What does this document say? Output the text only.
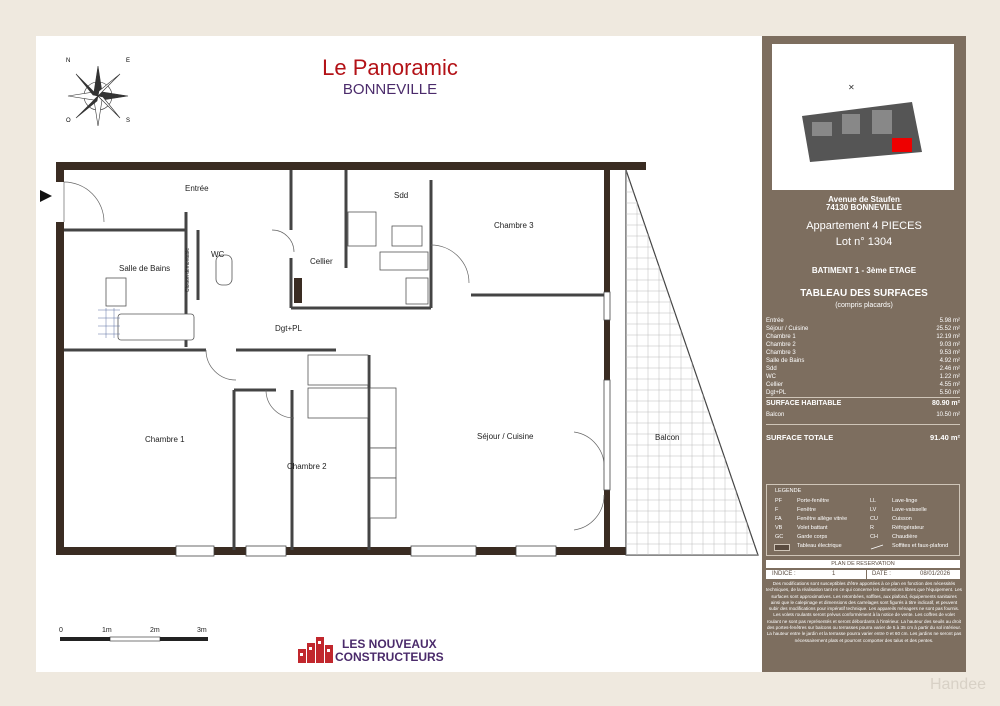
Le Panoramic
BONNEVILLE
N	E
S
O
Entrée
Sdd
Chambre 3
WC
Cloison démontable
Salle de Bains
Cellier
Dgt+PL
Chambre 1
Chambre 2
Séjour / Cuisine	Balcon
0	1m	2m	3m
LES NOUVEAUX
CONSTRUCTEURS
✕
Avenue de Staufen
74130 BONNEVILLE
Appartement 4 PIECES
Lot n° 1304
BATIMENT 1 - 3ème ETAGE
TABLEAU DES SURFACES
(compris placards)
Entrée	5.98 m²
Séjour / Cuisine	25.52 m²
Chambre 1	12.19 m²
Chambre 2	9.03 m²
Chambre 3	9.53 m²
Salle de Bains	4.92 m²
Sdd	2.46 m²
WC	1.22 m²
Cellier	4.55 m²
Dgt+PL	5.50 m²
SURFACE HABITABLE	80.90 m²
Balcon	10.50 m²
SURFACE TOTALE	91.40 m²
LEGENDE
PF	Porte-fenêtre
F	Fenêtre
FA	Fenêtre allège vitrée
VB	Volet battant
GC	Garde corps
Tableau électrique
LL	Lave-linge
LV	Lave-vaisselle
CU	Cuisson
R	Réfrigérateur
CH	Chaudière
Soffites et faux-plafond
PLAN DE RESERVATION
INDICE :	1	DATE :	08/01/2026
Des modifications sont susceptibles d'être apportées à ce plan en fonction des nécessités techniques, de la réalisation tant en ce qui concerne les dimensions libres que l'équipement. Les surfaces sont approximatives. Les retombées, soffites, aux plafond, équipements sanitaires ainsi que le calepinage et dimensions des carrelages sont figurés à titre indicatif, et peuvent subir des modifications pour impératif technique. Les appareils ménagers ne sont pas fournis. Les volets roulants seront prévus conformément à la notice de vente. Les coffres de volet roulant ne sont pas représentés et seront débordants à l'intérieur. La hauteur des seuils au droit des portes-fenêtres sur balcons ou terrasses pourra varier de 5 à 35 cm à partir du sol intérieur. La hauteur entre le jardin et la terrasse pourra varier entre 0 et 60 cm. Les jardins ne seront pas nécessairement plats et pourront comporter des talus et des pentes.
Handee
